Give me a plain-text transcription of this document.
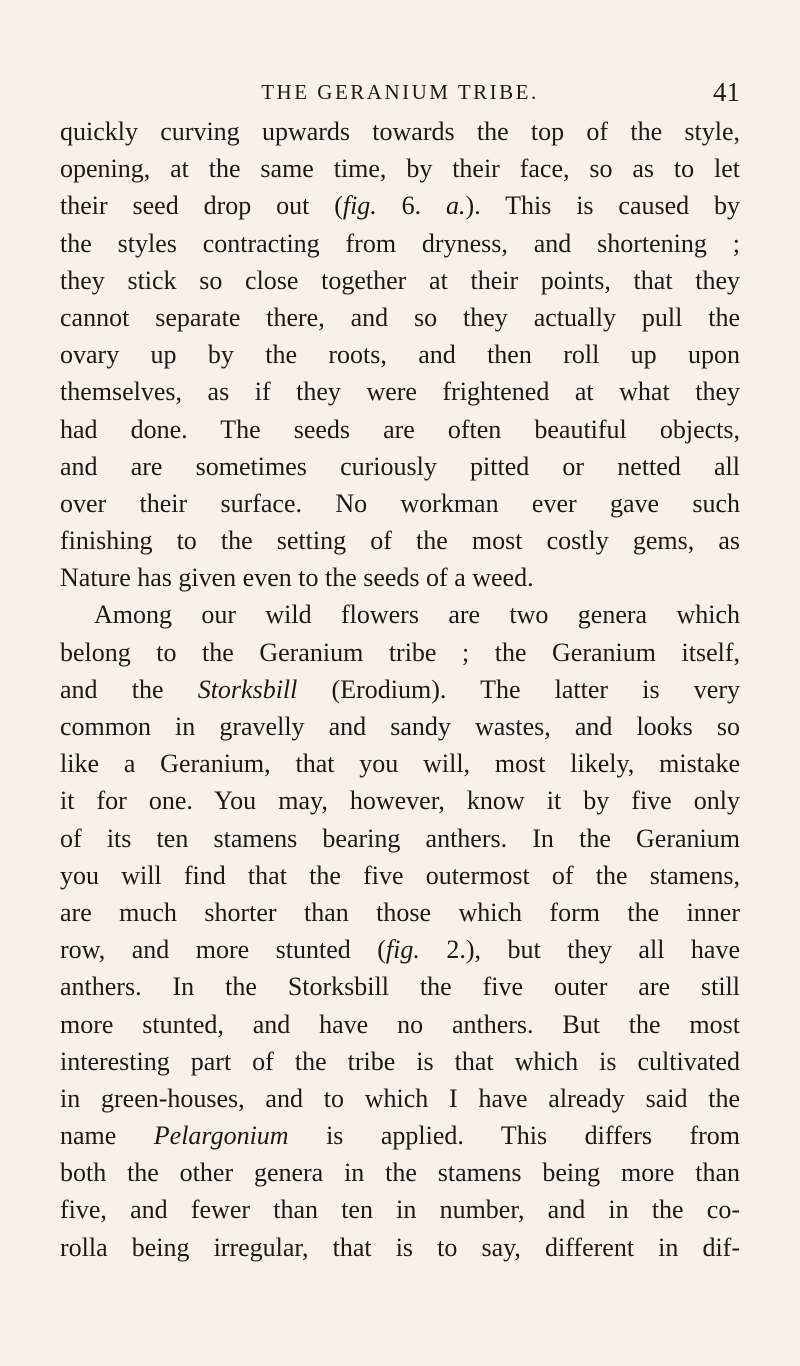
THE GERANIUM TRIBE.	41
quickly curving upwards towards the top of the style,
opening, at the same time, by their face, so as to let
their seed drop out (fig. 6. a.). This is caused by
the styles contracting from dryness, and shortening ;
they stick so close together at their points, that they
cannot separate there, and so they actually pull the
ovary up by the roots, and then roll up upon
themselves, as if they were frightened at what they
had done. The seeds are often beautiful objects,
and are sometimes curiously pitted or netted all
over their surface. No workman ever gave such
finishing to the setting of the most costly gems, as
Nature has given even to the seeds of a weed.
Among our wild flowers are two genera which
belong to the Geranium tribe ; the Geranium itself,
and the Storksbill (Erodium). The latter is very
common in gravelly and sandy wastes, and looks so
like a Geranium, that you will, most likely, mistake
it for one. You may, however, know it by five only
of its ten stamens bearing anthers. In the Geranium
you will find that the five outermost of the stamens,
are much shorter than those which form the inner
row, and more stunted (fig. 2.), but they all have
anthers. In the Storksbill the five outer are still
more stunted, and have no anthers. But the most
interesting part of the tribe is that which is cultivated
in green-houses, and to which I have already said the
name Pelargonium is applied. This differs from
both the other genera in the stamens being more than
five, and fewer than ten in number, and in the co-
rolla being irregular, that is to say, different in dif-
